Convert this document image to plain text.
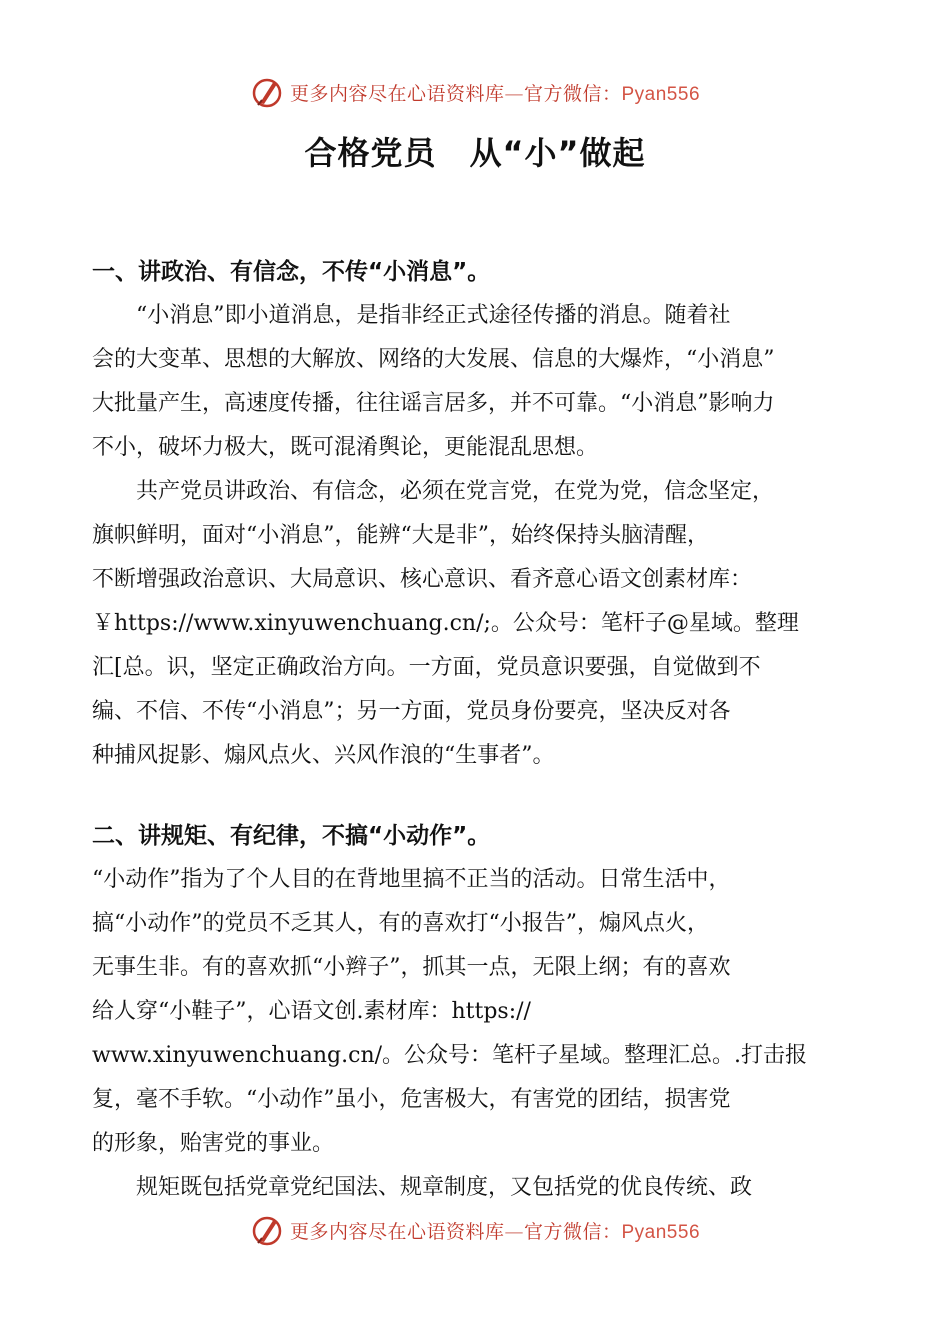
更多内容尽在心语资料库—官方微信：Pyan556
合格党员　从“小”做起
一、讲政治、有信念，不传“小消息”。
　　“小消息”即小道消息，是指非经正式途径传播的消息。随着社
会的大变革、思想的大解放、网络的大发展、信息的大爆炸，“小消息”
大批量产生，高速度传播，往往谣言居多，并不可靠。“小消息”影响力
不小，破坏力极大，既可混淆舆论，更能混乱思想。
　　共产党员讲政治、有信念，必须在党言党，在党为党，信念坚定，
旗帜鲜明，面对“小消息”，能辨“大是非”，始终保持头脑清醒，
不断增强政治意识、大局意识、核心意识、看齐意心语文创素材库：
￥https://www.xinyuwenchuang.cn/;。公众号：笔杆子@星域。整理
汇[总。识，坚定正确政治方向。一方面，党员意识要强，自觉做到不
编、不信、不传“小消息”；另一方面，党员身份要亮，坚决反对各
种捕风捉影、煽风点火、兴风作浪的“生事者”。
二、讲规矩、有纪律，不搞“小动作”。
“小动作”指为了个人目的在背地里搞不正当的活动。日常生活中，
搞“小动作”的党员不乏其人，有的喜欢打“小报告”，煽风点火，
无事生非。有的喜欢抓“小辫子”，抓其一点，无限上纲；有的喜欢
给人穿“小鞋子”，心语文创.素材库：https://
www.xinyuwenchuang.cn/。公众号：笔杆子星域。整理汇总。.打击报
复，毫不手软。“小动作”虽小，危害极大，有害党的团结，损害党
的形象，贻害党的事业。
　　规矩既包括党章党纪国法、规章制度，又包括党的优良传统、政
更多内容尽在心语资料库—官方微信：Pyan556
